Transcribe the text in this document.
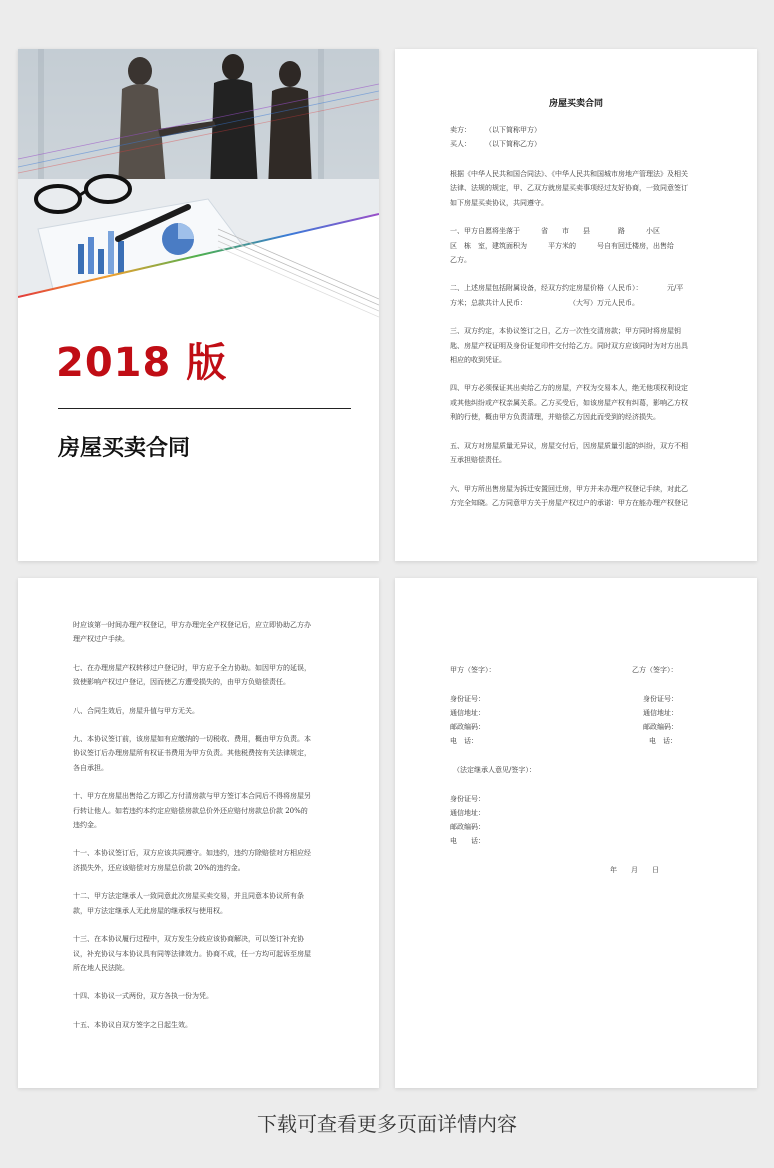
2018 版
房屋买卖合同
房屋买卖合同

卖方：　　　（以下简称甲方）

买人：　　　（以下简称乙方）

根据《中华人民共和国合同法》、《中华人民共和国城市房地产管理法》及相关

法律、法规的规定，甲、乙双方就房屋买卖事项经过友好协商，一致同意签订

如下房屋买卖协议，共同遵守。

一、甲方自愿将坐落于　　　省　　市　　县　　　　路　　　小区

区　栋　室，建筑面积为　　　平方米的　　　号自有回迁楼房，出售给

乙方。

二、上述房屋包括附属设备，经双方约定房屋价格（人民币）：　　　　元/平

方米；总款共计人民币：　　　　　　　（大写）万元人民币。

三、双方约定，本协议签订之日，乙方一次性交清房款；甲方同时将房屋钥

匙、房屋产权证明及身份证复印件交付给乙方。同时双方应该同时为对方出具

相应的收到凭证。

四、甲方必须保证其出卖给乙方的房屋，产权为交易本人，绝无他项权利设定

或其他纠纷或产权亲属关系。乙方买受后，如该房屋产权有纠葛，影响乙方权

利的行使，概由甲方负责清理，并赔偿乙方因此而受到的经济损失。

五、双方对房屋质量无异议，房屋交付后，因房屋质量引起的纠纷，双方不相

互承担赔偿责任。

六、甲方所出售房屋为拆迁安置回迁房，甲方并未办理产权登记手续，对此乙

方完全知晓。乙方同意甲方关于房屋产权过户的承诺：甲方在能办理产权登记

时应该第一时间办理产权登记，甲方办理完全产权登记后，应立即协助乙方办

理产权过户手续。

七、在办理房屋产权转移过户登记时，甲方应予全力协助。如因甲方的延误，

致使影响产权过户登记，因而使乙方遭受损失的，由甲方负赔偿责任。

八、合同生效后，房屋升值与甲方无关。

九、本协议签订前，该房屋如有应缴纳的一切税收、费用，概由甲方负责。本

协议签订后办理房屋所有权证书费用为甲方负责。其他税费按有关法律规定，

各自承担。

十、甲方在房屋出售给乙方即乙方付清房款与甲方签订本合同后不得将房屋另

行转让他人。如若违约本约定应赔偿房款总价外还应赔付房款总价款 20%的

违约金。

十一、本协议签订后，双方应该共同遵守。如违约，违约方除赔偿对方相应经

济损失外，还应该赔偿对方房屋总价款 20%的违约金。

十二、甲方法定继承人一致同意此次房屋买卖交易，并且同意本协议所有条

款，甲方法定继承人无此房屋的继承权与使用权。

十三、在本协议履行过程中，双方发生分歧应该协商解决，可以签订补充协

议，补充协议与本协议具有同等法律效力。协商不成，任一方均可起诉至房屋

所在地人民法院。

十四、本协议一式两份，双方各执一份为凭。

十五、本协议自双方签字之日起生效。

甲方（签字）：	乙方（签字）：
身份证号：
通信地址：
邮政编码：
电　话：
身份证号：
通信地址：
邮政编码：
电　话：
（法定继承人意见/签字）：
身份证号：
通信地址：
邮政编码：
电　　话：
年　　月　　日
下载可查看更多页面详情内容
